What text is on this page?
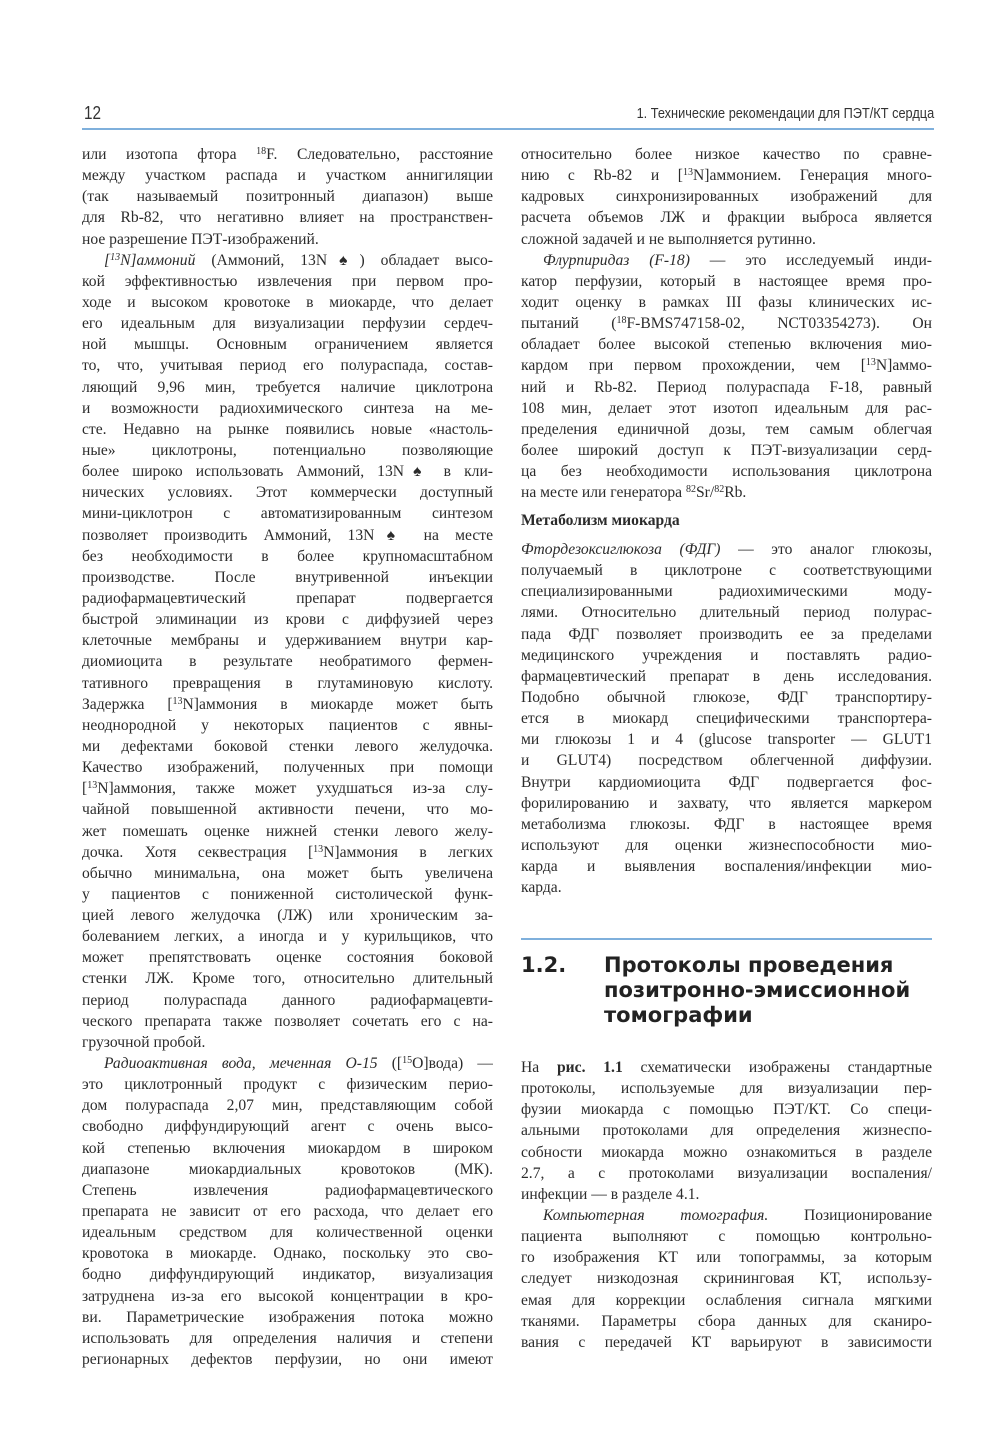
12	1. Технические рекомендации для ПЭТ/КТ сердца
или изотопа фтора $^{18}$F. Следовательно, расстояние
между участком распада и участком аннигиляции
(так называемый позитронный диапазон) выше
для Rb-82, что негативно влияет на пространствен-
ное разрешение ПЭТ-изображений.
[$^{13}$N]аммоний (Аммоний, 13N♠) обладает высо-
кой эффективностью извлечения при первом про-
ходе и высоком кровотоке в миокарде, что делает
его идеальным для визуализации перфузии сердеч-
ной мышцы. Основным ограничением является
то, что, учитывая период его полураспада, состав-
ляющий 9,96 мин, требуется наличие циклотрона
и возможности радиохимического синтеза на ме-
сте. Недавно на рынке появились новые «настоль-
ные» циклотроны, потенциально позволяющие
более широко использовать Аммоний, 13N♠ в кли-
нических условиях. Этот коммерчески доступный
мини-циклотрон с автоматизированным синтезом
позволяет производить Аммоний, 13N♠ на месте
без необходимости в более крупномасштабном
производстве. После внутривенной инъекции
радиофармацевтический препарат подвергается
быстрой элиминации из крови с диффузией через
клеточные мембраны и удерживанием внутри кар-
диомиоцита в результате необратимого фермен-
тативного превращения в глутаминовую кислоту.
Задержка [$^{13}$N]аммония в миокарде может быть
неоднородной у некоторых пациентов с явны-
ми дефектами боковой стенки левого желудочка.
Качество изображений, полученных при помощи
[$^{13}$N]аммония, также может ухудшаться из-за слу-
чайной повышенной активности печени, что мо-
жет помешать оценке нижней стенки левого желу-
дочка. Хотя секвестрация [$^{13}$N]аммония в легких
обычно минимальна, она может быть увеличена
у пациентов с пониженной систолической функ-
цией левого желудочка (ЛЖ) или хроническим за-
болеванием легких, а иногда и у курильщиков, что
может препятствовать оценке состояния боковой
стенки ЛЖ. Кроме того, относительно длительный
период полураспада данного радиофармацевти-
ческого препарата также позволяет сочетать его с на-
грузочной пробой.
Радиоактивная вода, меченная О-15 ([$^{15}$O]вода) —
это циклотронный продукт с физическим перио-
дом полураспада 2,07 мин, представляющим собой
свободно диффундирующий агент с очень высо-
кой степенью включения миокардом в широком
диапазоне миокардиальных кровотоков (МК).
Степень извлечения радиофармацевтического
препарата не зависит от его расхода, что делает его
идеальным средством для количественной оценки
кровотока в миокарде. Однако, поскольку это сво-
бодно диффундирующий индикатор, визуализация
затруднена из-за его высокой концентрации в кро-
ви. Параметрические изображения потока можно
использовать для определения наличия и степени
регионарных дефектов перфузии, но они имеют
относительно более низкое качество по сравне-
нию с Rb-82 и [$^{13}$N]аммонием. Генерация много-
кадровых синхронизированных изображений для
расчета объемов ЛЖ и фракции выброса является
сложной задачей и не выполняется рутинно.
Флурпиридаз (F-18) — это исследуемый инди-
катор перфузии, который в настоящее время про-
ходит оценку в рамках III фазы клинических ис-
пытаний ($^{18}$F-BMS747158-02, NCT03354273). Он
обладает более высокой степенью включения мио-
кардом при первом прохождении, чем [$^{13}$N]аммо-
ний и Rb-82. Период полураспада F-18, равный
108 мин, делает этот изотоп идеальным для рас-
пределения единичной дозы, тем самым облегчая
более широкий доступ к ПЭТ-визуализации серд-
ца без необходимости использования циклотрона
на месте или генератора $^{82}$Sr/$^{82}$Rb.
Метаболизм миокарда
Фтордезоксиглюкоза (ФДГ) — это аналог глюкозы,
получаемый в циклотроне с соответствующими
специализированными радиохимическими моду-
лями. Относительно длительный период полурас-
пада ФДГ позволяет производить ее за пределами
медицинского учреждения и поставлять радио-
фармацевтический препарат в день исследования.
Подобно обычной глюкозе, ФДГ транспортиру-
ется в миокард специфическими транспортера-
ми глюкозы 1 и 4 (glucose transporter — GLUT1
и GLUT4) посредством облегченной диффузии.
Внутри кардиомиоцита ФДГ подвергается фос-
форилированию и захвату, что является маркером
метаболизма глюкозы. ФДГ в настоящее время
используют для оценки жизнеспособности мио-
карда и выявления воспаления/инфекции мио-
карда.
1.2. Протоколы проведения позитронно-эмиссионной томографии
На рис. 1.1 схематически изображены стандартные
протоколы, используемые для визуализации пер-
фузии миокарда с помощью ПЭТ/КТ. Со специ-
альными протоколами для определения жизнеспо-
собности миокарда можно ознакомиться в разделе
2.7, а с протоколами визуализации воспаления/
инфекции — в разделе 4.1.
Компьютерная томография. Позиционирование
пациента выполняют с помощью контрольно-
го изображения КТ или топограммы, за которым
следует низкодозная скрининговая КТ, использу-
емая для коррекции ослабления сигнала мягкими
тканями. Параметры сбора данных для сканиро-
вания с передачей КТ варьируют в зависимости
